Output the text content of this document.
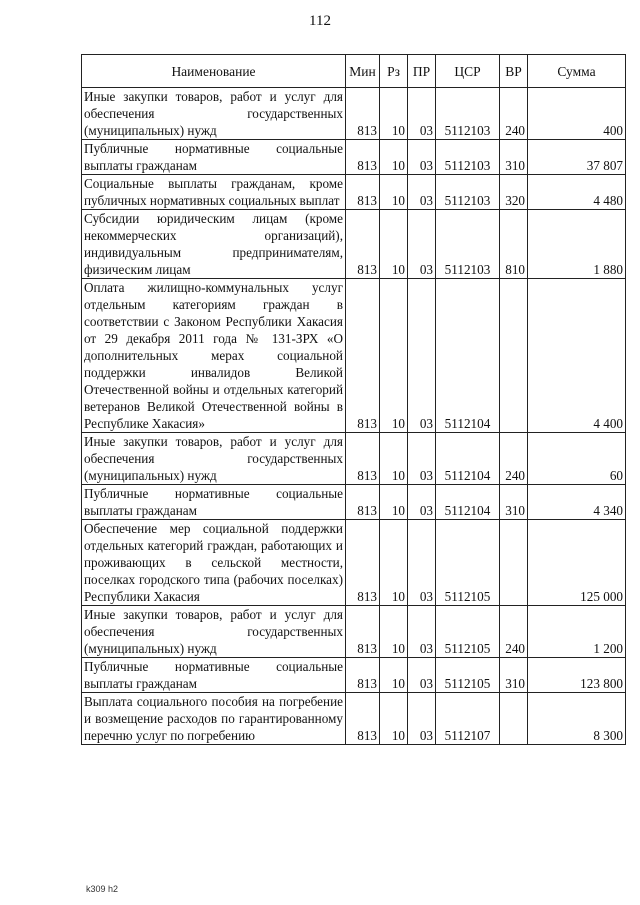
112
Наименование	Мин	Рз	ПР	ЦСР	ВР	Сумма
Иные закупки товаров, работ и услуг для обеспечения государственных (муниципальных) нужд	813	10	03	5112103	240	400
Публичные нормативные социальные выплаты гражданам	813	10	03	5112103	310	37 807
Социальные выплаты гражданам, кроме публичных нормативных социальных выплат	813	10	03	5112103	320	4 480
Субсидии юридическим лицам (кроме некоммерческих организаций), индивидуальным предпринимателям, физическим лицам	813	10	03	5112103	810	1 880
Оплата жилищно-коммунальных услуг отдельным категориям граждан в соответствии с Законом Республики Хакасия от 29 декабря 2011 года № 131-ЗРХ «О дополнительных мерах социальной поддержки инвалидов Великой Отечественной войны и отдельных категорий ветеранов Великой Отечественной войны в Республике Хакасия»	813	10	03	5112104		4 400
Иные закупки товаров, работ и услуг для обеспечения государственных (муниципальных) нужд	813	10	03	5112104	240	60
Публичные нормативные социальные выплаты гражданам	813	10	03	5112104	310	4 340
Обеспечение мер социальной поддержки отдельных категорий граждан, работающих и проживающих в сельской местности, поселках городского типа (рабочих поселках) Республики Хакасия	813	10	03	5112105		125 000
Иные закупки товаров, работ и услуг для обеспечения государственных (муниципальных) нужд	813	10	03	5112105	240	1 200
Публичные нормативные социальные выплаты гражданам	813	10	03	5112105	310	123 800
Выплата социального пособия на погребение и возмещение расходов по гарантированному перечню услуг по погребению	813	10	03	5112107		8 300
k309 h2
